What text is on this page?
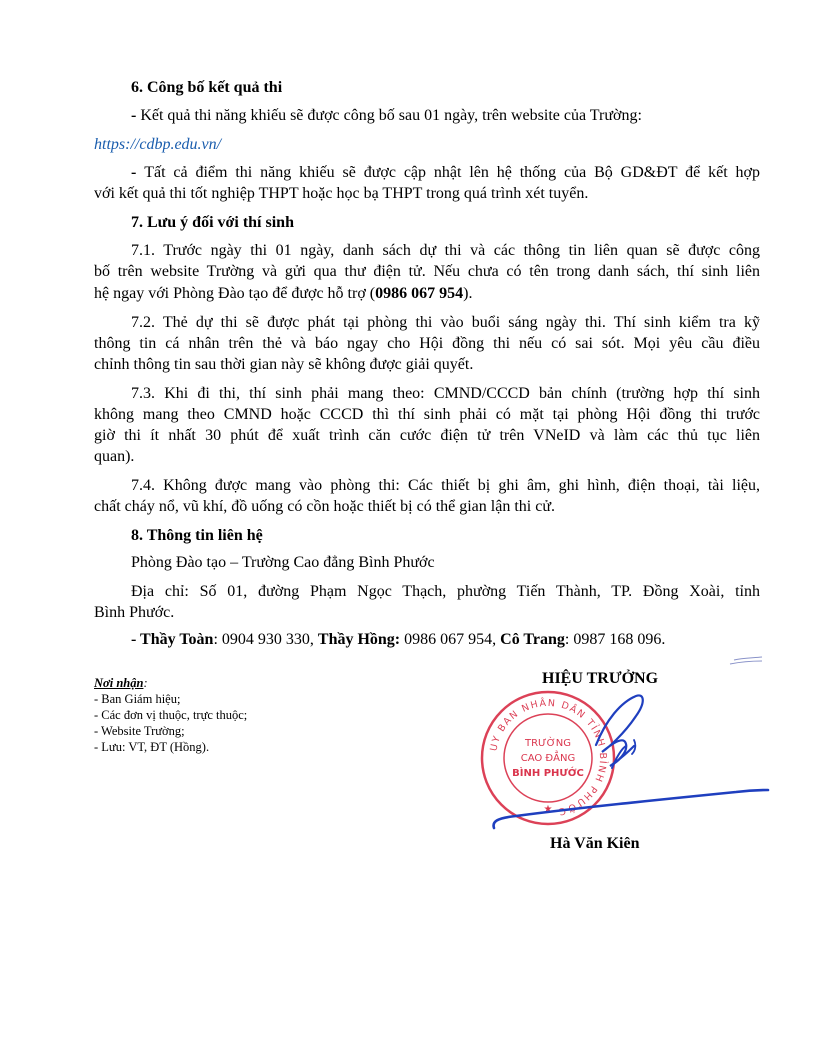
6. Công bố kết quả thi
- Kết quả thi năng khiếu sẽ được công bố sau 01 ngày, trên website của Trường:
https://cdbp.edu.vn/
- Tất cả điểm thi năng khiếu sẽ được cập nhật lên hệ thống của Bộ GD&ĐT để kết hợp
với kết quả thi tốt nghiệp THPT hoặc học bạ THPT trong quá trình xét tuyển.
7. Lưu ý đối với thí sinh
7.1. Trước ngày thi 01 ngày, danh sách dự thi và các thông tin liên quan sẽ được công
bố trên website Trường và gửi qua thư điện tử. Nếu chưa có tên trong danh sách, thí sinh liên
hệ ngay với Phòng Đào tạo để được hỗ trợ (0986 067 954).
7.2. Thẻ dự thi sẽ được phát tại phòng thi vào buổi sáng ngày thi. Thí sinh kiểm tra kỹ
thông tin cá nhân trên thẻ và báo ngay cho Hội đồng thi nếu có sai sót. Mọi yêu cầu điều
chỉnh thông tin sau thời gian này sẽ không được giải quyết.
7.3. Khi đi thi, thí sinh phải mang theo: CMND/CCCD bản chính (trường hợp thí sinh
không mang theo CMND hoặc CCCD thì thí sinh phải có mặt tại phòng Hội đồng thi trước
giờ thi ít nhất 30 phút để xuất trình căn cước điện tử trên VNeID và làm các thủ tục liên
quan).
7.4. Không được mang vào phòng thi: Các thiết bị ghi âm, ghi hình, điện thoại, tài liệu,
chất cháy nổ, vũ khí, đồ uống có cồn hoặc thiết bị có thể gian lận thi cử.
8. Thông tin liên hệ
Phòng Đào tạo – Trường Cao đẳng Bình Phước
Địa chỉ: Số 01, đường Phạm Ngọc Thạch, phường Tiến Thành, TP. Đồng Xoài, tỉnh
Bình Phước.
- Thầy Toàn: 0904 930 330, Thầy Hồng: 0986 067 954, Cô Trang: 0987 168 096.
Nơi nhận:
- Ban Giám hiệu;
- Các đơn vị thuộc, trực thuộc;
- Website Trường;
- Lưu: VT, ĐT (Hồng).
HIỆU TRƯỞNG
UY BAN NHÂN DÂN TỈNH BÌNH PHƯỚC
TRƯỜNG
CAO ĐẲNG
BÌNH PHƯỚC
★
Hà Văn Kiên
